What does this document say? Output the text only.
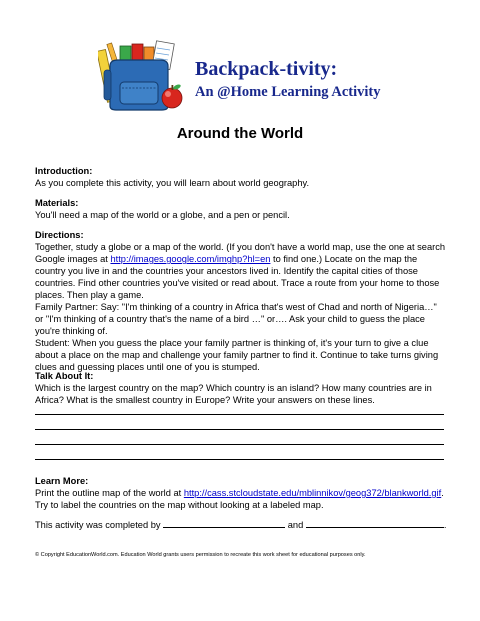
Backpack-tivity:
An @Home Learning Activity
Around the World
Introduction:

As you complete this activity, you will learn about world geography.

Materials:

You'll need a map of the world or a globe, and a pen or pencil.

Directions:

Together, study a globe or a map of the world. (If you don't have a world map, use the one at search Google images at http://images.google.com/imghp?hl=en to find one.) Locate on the map the country you live in and the countries your ancestors lived in. Identify the capital cities of those countries. Find other countries you've visited or read about. Trace a route from your home to those places. Then play a game.

Family Partner: Say: "I'm thinking of a country in Africa that's west of Chad and north of Nigeria…" or "I'm thinking of a country that's the name of a bird …" or…. Ask your child to guess the place you're thinking of.

Student: When you guess the place your family partner is thinking of, it's your turn to give a clue about a place on the map and challenge your family partner to find it. Continue to take turns giving clues and guessing places until one of you is stumped.

Talk About It:

Which is the largest country on the map? Which country is an island? How many countries are in Africa? What is the smallest country in Europe? Write your answers on these lines.

Learn More:

Print the outline map of the world at http://cass.stcloudstate.edu/mblinnikov/geog372/blankworld.gif.

Try to label the countries on the map without looking at a labeled map.

This activity was completed by	and	.

© Copyright EducationWorld.com. Education World grants users permission to recreate this work sheet for educational purposes only.
